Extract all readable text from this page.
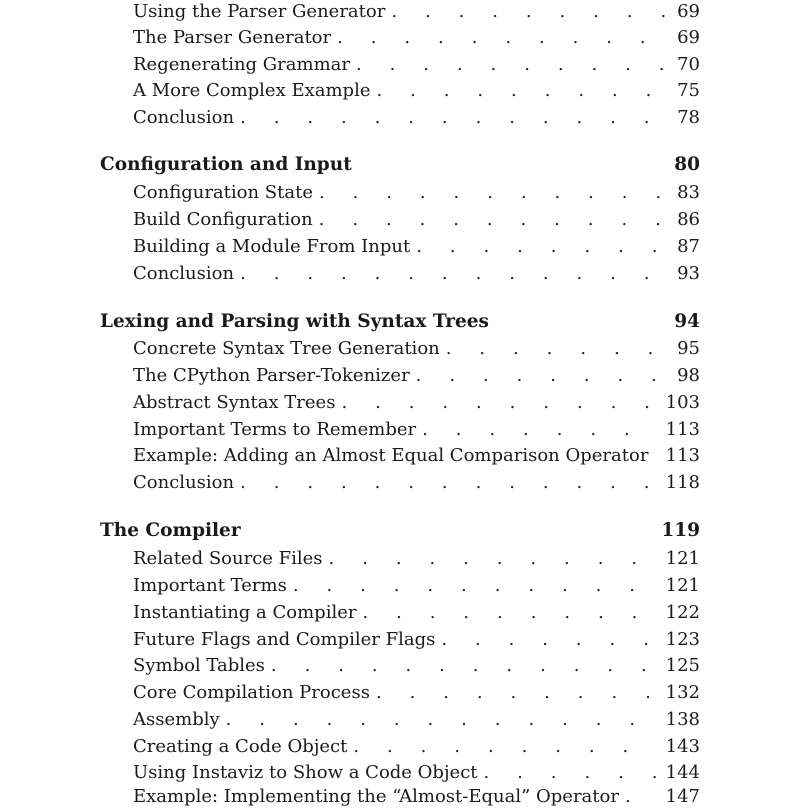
Using the Parser Generator . . .	69
The Parser Generator . . .	69
Regenerating Grammar . . .	70
A More Complex Example . . .	75
Conclusion . . .	78
Configuration and Input	80
Configuration State . . .	83
Build Configuration . . .	86
Building a Module From Input . . .	87
Conclusion . . .	93
Lexing and Parsing with Syntax Trees	94
Concrete Syntax Tree Generation . . .	95
The CPython Parser-Tokenizer . . .	98
Abstract Syntax Trees . . .	103
Important Terms to Remember . . .	113
Example: Adding an Almost Equal Comparison Operator . . . 113
Conclusion . . .	118
The Compiler	119
Related Source Files . . .	121
Important Terms . . .	121
Instantiating a Compiler . . .	122
Future Flags and Compiler Flags . . .	123
Symbol Tables . . .	125
Core Compilation Process . . .	132
Assembly . . .	138
Creating a Code Object . . .	143
Using Instaviz to Show a Code Object . . .	144
Example: Implementing the “Almost-Equal” Operator . . .	147
